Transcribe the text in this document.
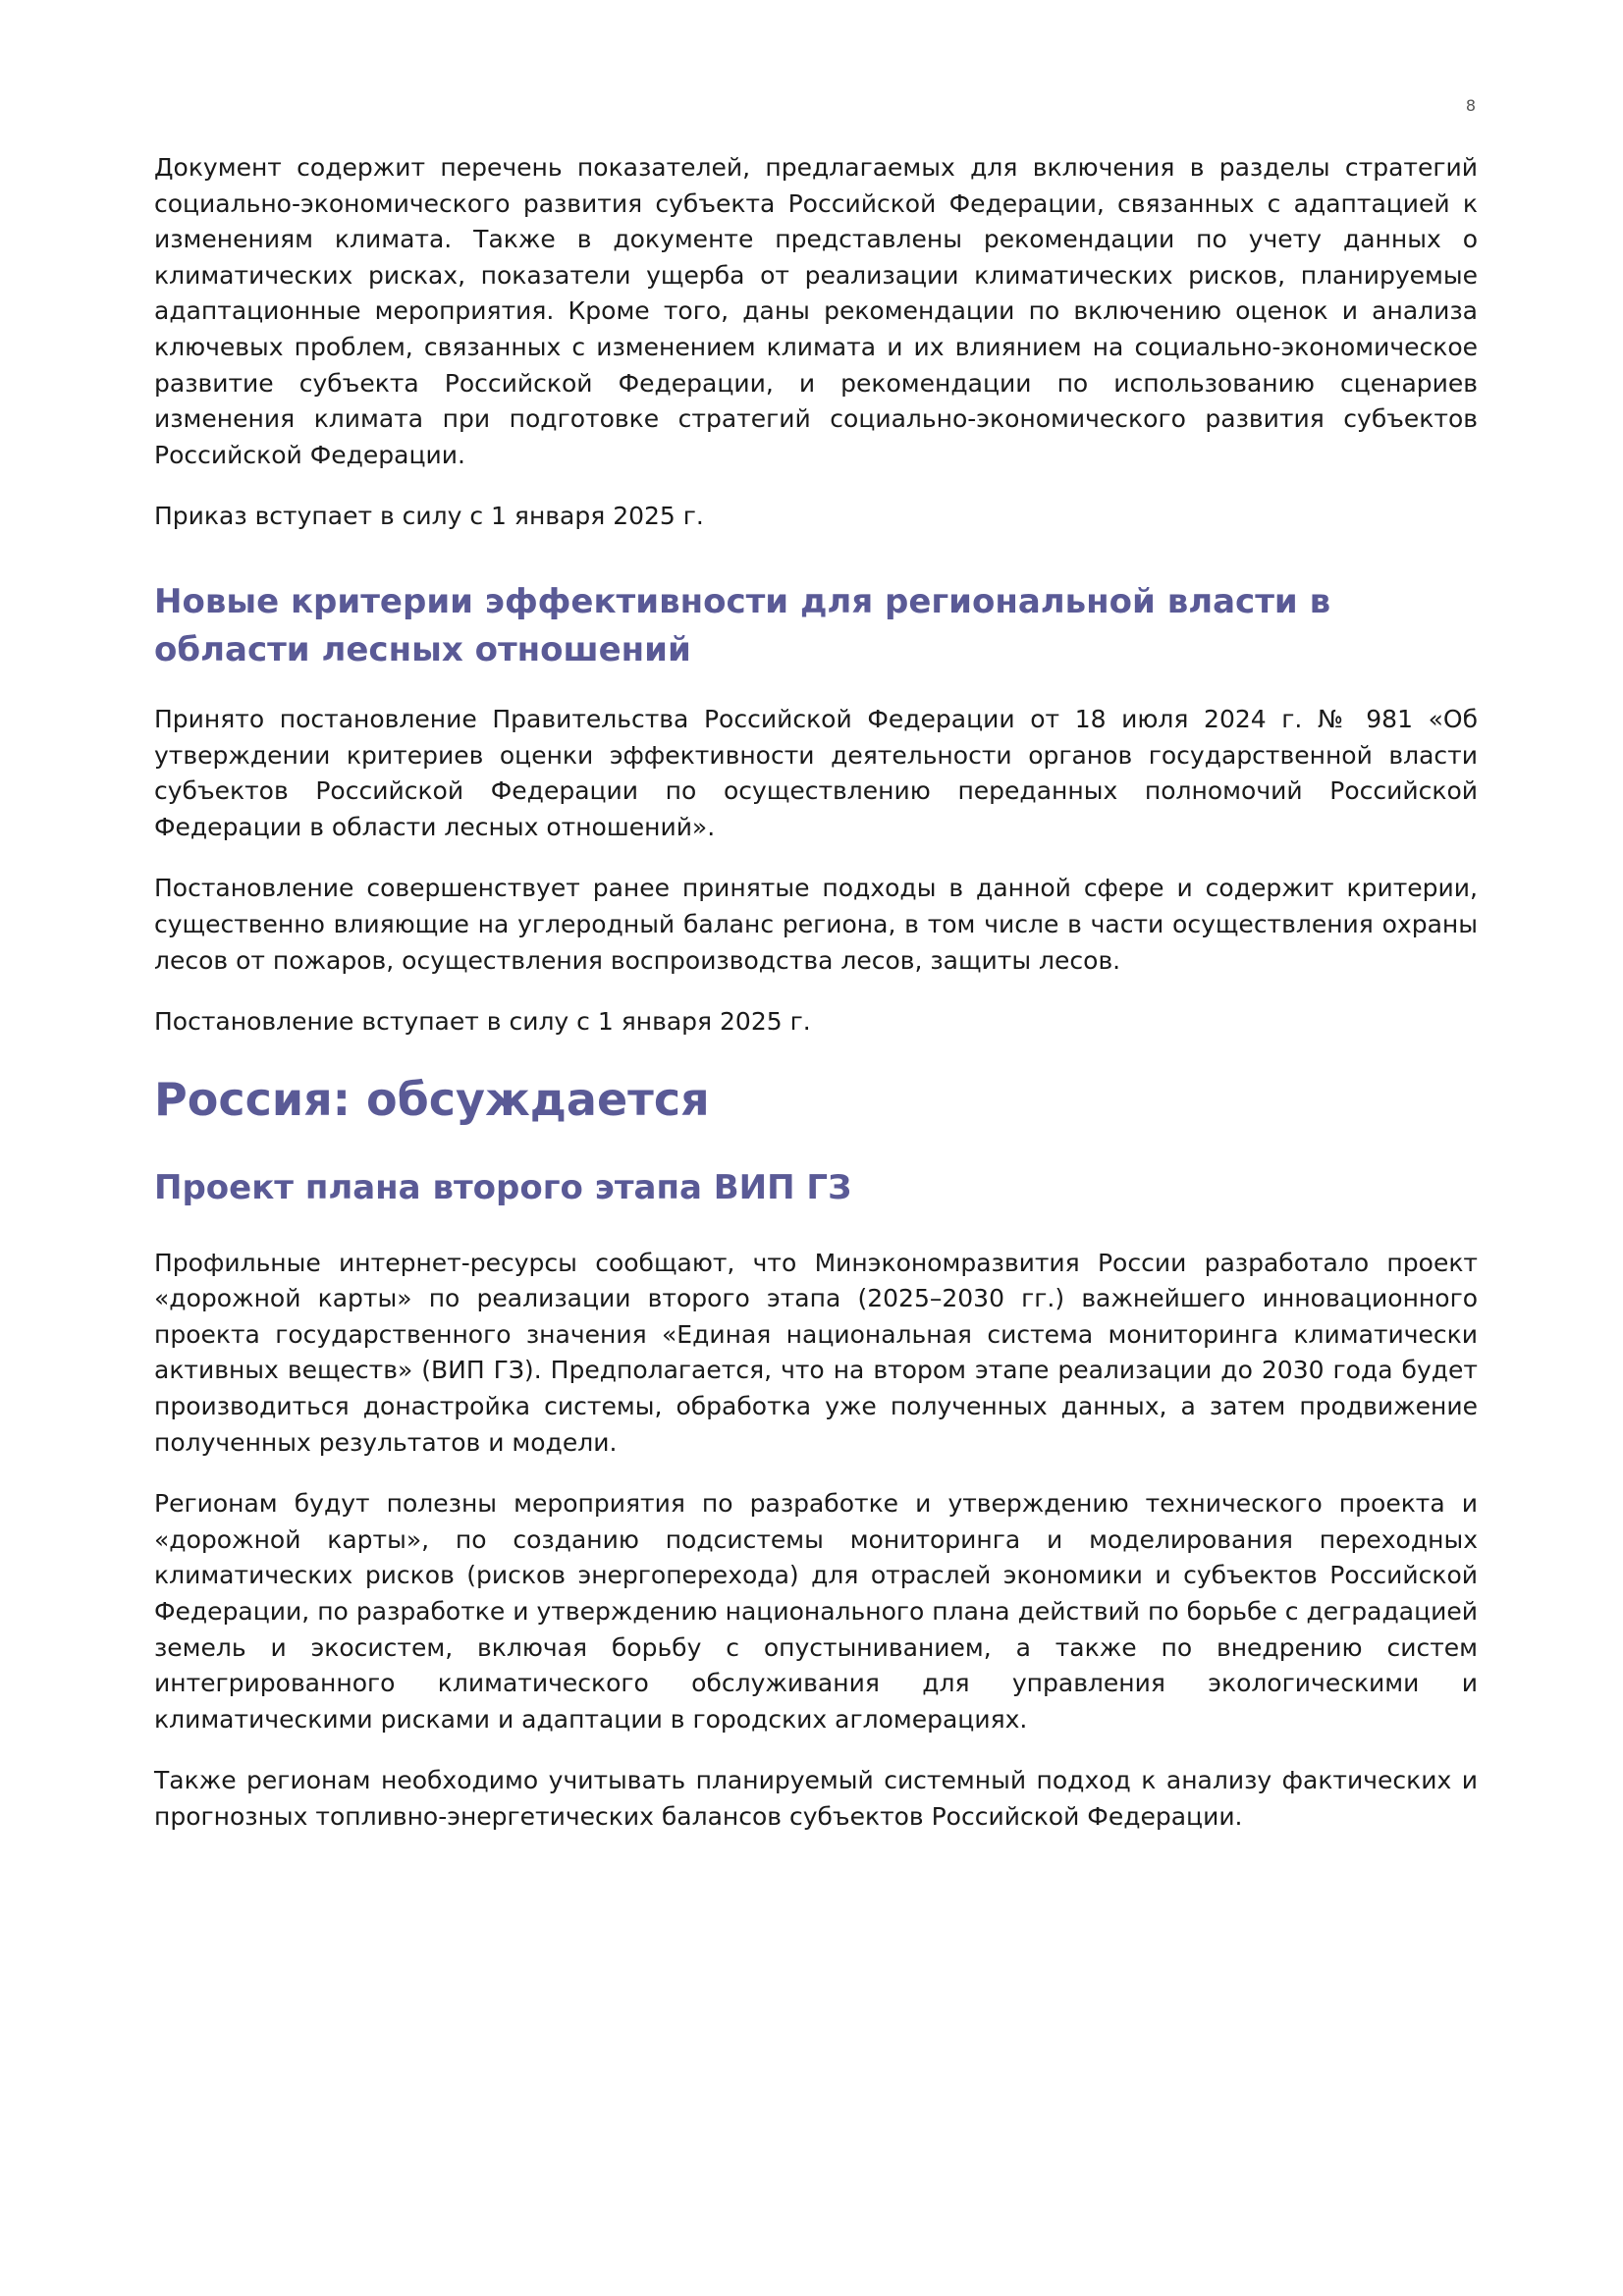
8

Документ содержит перечень показателей, предлагаемых для включения в разделы стратегий социально-экономического развития субъекта Российской Федерации, связанных с адаптацией к изменениям климата. Также в документе представлены рекомендации по учету данных о климатических рисках, показатели ущерба от реализации климатических рисков, планируемые адаптационные мероприятия. Кроме того, даны рекомендации по включению оценок и анализа ключевых проблем, связанных с изменением климата и их влиянием на социально-экономическое развитие субъекта Российской Федерации, и рекомендации по использованию сценариев изменения климата при подготовке стратегий социально-экономического развития субъектов Российской Федерации.

Приказ вступает в силу с 1 января 2025 г.

Новые критерии эффективности для региональной власти в области лесных отношений

Принято постановление Правительства Российской Федерации от 18 июля 2024 г. № 981 «Об утверждении критериев оценки эффективности деятельности органов государственной власти субъектов Российской Федерации по осуществлению переданных полномочий Российской Федерации в области лесных отношений».

Постановление совершенствует ранее принятые подходы в данной сфере и содержит критерии, существенно влияющие на углеродный баланс региона, в том числе в части осуществления охраны лесов от пожаров, осуществления воспроизводства лесов, защиты лесов.

Постановление вступает в силу с 1 января 2025 г.

Россия: обсуждается
Проект плана второго этапа ВИП ГЗ

Профильные интернет-ресурсы сообщают, что Минэкономразвития России разработало проект «дорожной карты» по реализации второго этапа (2025–2030 гг.) важнейшего инновационного проекта государственного значения «Единая национальная система мониторинга климатически активных веществ» (ВИП ГЗ). Предполагается, что на втором этапе реализации до 2030 года будет производиться донастройка системы, обработка уже полученных данных, а затем продвижение полученных результатов и модели.

Регионам будут полезны мероприятия по разработке и утверждению технического проекта и «дорожной карты», по созданию подсистемы мониторинга и моделирования переходных климатических рисков (рисков энергоперехода) для отраслей экономики и субъектов Российской Федерации, по разработке и утверждению национального плана действий по борьбе с деградацией земель и экосистем, включая борьбу с опустыниванием, а также по внедрению систем интегрированного климатического обслуживания для управления экологическими и климатическими рисками и адаптации в городских агломерациях.

Также регионам необходимо учитывать планируемый системный подход к анализу фактических и прогнозных топливно-энергетических балансов субъектов Российской Федерации.
